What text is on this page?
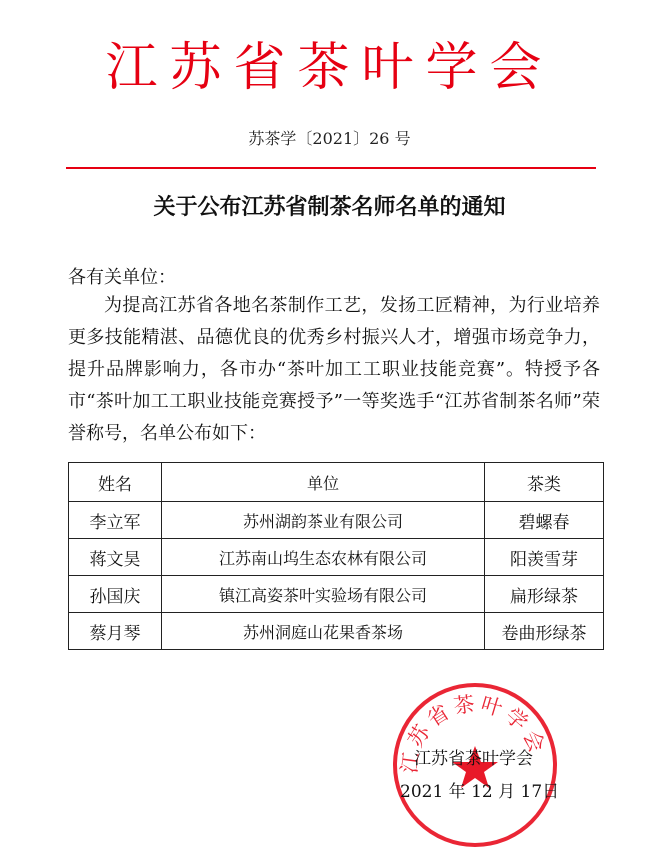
江苏省茶叶学会
苏茶学〔2021〕26 号
关于公布江苏省制茶名师名单的通知
各有关单位：
为提高江苏省各地名茶制作工艺，发扬工匠精神，为行业培养更多技能精湛、品德优良的优秀乡村振兴人才，增强市场竞争力，提升品牌影响力，各市办“茶叶加工工职业技能竞赛”。特授予各市“茶叶加工工职业技能竞赛授予”一等奖选手“江苏省制茶名师”荣誉称号，名单公布如下：
姓名	单位	茶类
李立军	苏州湖韵茶业有限公司	碧螺春
蒋文昊	江苏南山坞生态农林有限公司	阳羡雪芽
孙国庆	镇江高姿茶叶实验场有限公司	扁形绿茶
蔡月琴	苏州洞庭山花果香茶场	卷曲形绿茶
江苏省茶叶学会
江苏省茶叶学会
2021 年 12 月 17日
